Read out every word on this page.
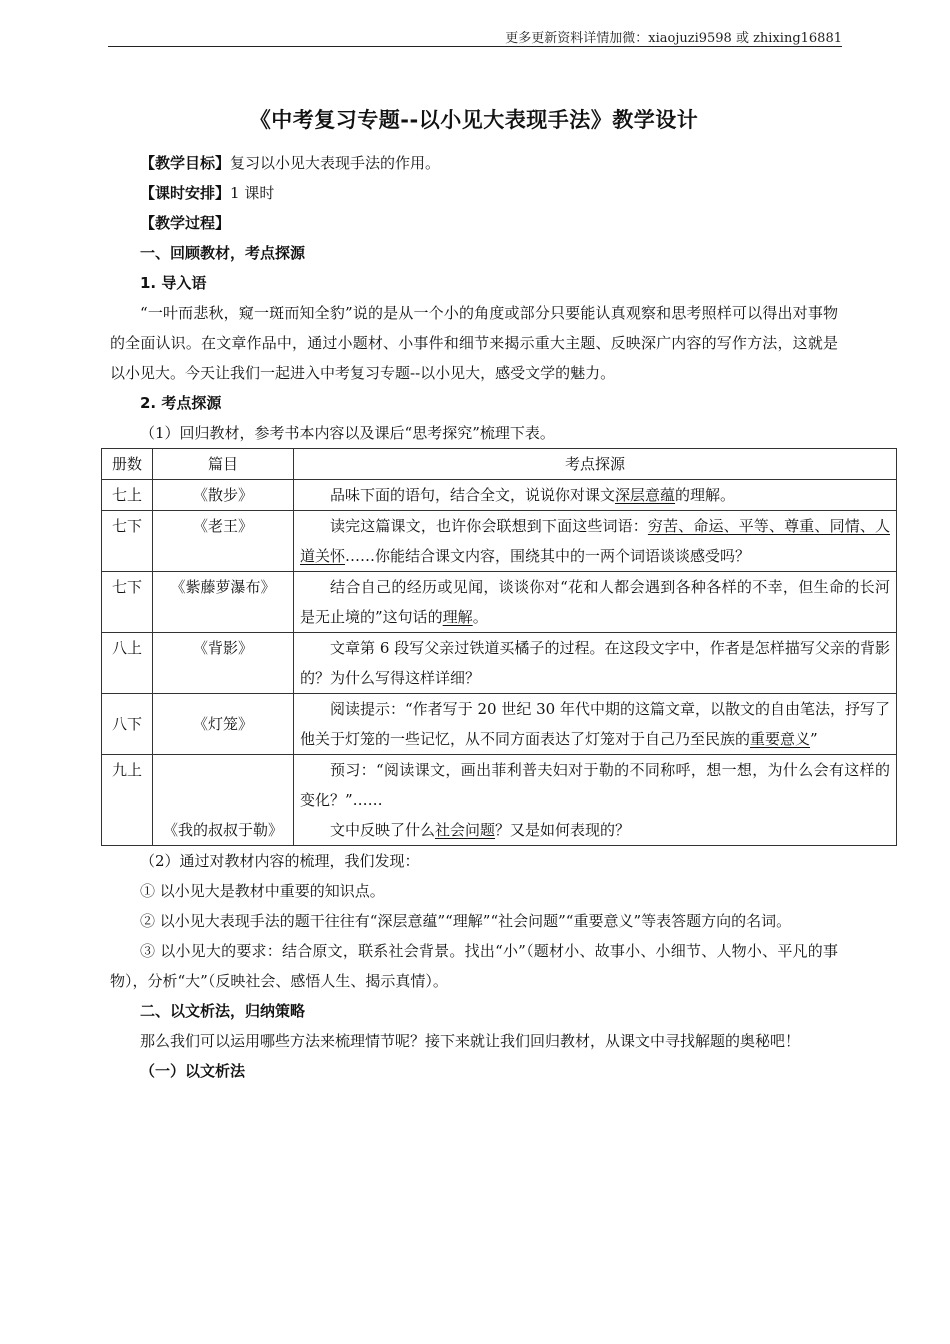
更多更新资料详情加微：xiaojuzi9598 或 zhixing16881
《中考复习专题--以小见大表现手法》教学设计

【教学目标】复习以小见大表现手法的作用。

【课时安排】1 课时

【教学过程】

一、回顾教材，考点探源

1. 导入语

“一叶而悲秋，窥一斑而知全豹”说的是从一个小的角度或部分只要能认真观察和思考照样可以得出对事物的全面认识。在文章作品中，通过小题材、小事件和细节来揭示重大主题、反映深广内容的写作方法，这就是以小见大。今天让我们一起进入中考复习专题--以小见大，感受文学的魅力。

2. 考点探源

（1）回归教材，参考书本内容以及课后“思考探究”梳理下表。

册数	篇目	考点探源
七上	《散步》	品味下面的语句，结合全文，说说你对课文深层意蕴的理解。

七下	《老王》	读完这篇课文，也许你会联想到下面这些词语：穷苦、命运、平等、尊重、同情、人道关怀……你能结合课文内容，围绕其中的一两个词语谈谈感受吗？

七下	《紫藤萝瀑布》	结合自己的经历或见闻，谈谈你对“花和人都会遇到各种各样的不幸，但生命的长河是无止境的”这句话的理解。

八上	《背影》	文章第 6 段写父亲过铁道买橘子的过程。在这段文字中，作者是怎样描写父亲的背影的？为什么写得这样详细？

八下	《灯笼》	阅读提示：“作者写于 20 世纪 30 年代中期的这篇文章，以散文的自由笔法，抒写了他关于灯笼的一些记忆，从不同方面表达了灯笼对于自己乃至民族的重要意义”

九上	《我的叔叔于勒》	预习：“阅读课文，画出菲利普夫妇对于勒的不同称呼，想一想，为什么会有这样的变化？”……

文中反映了什么社会问题？又是如何表现的？

（2）通过对教材内容的梳理，我们发现：

① 以小见大是教材中重要的知识点。

② 以小见大表现手法的题干往往有“深层意蕴”“理解”“社会问题”“重要意义”等表答题方向的名词。

③ 以小见大的要求：结合原文，联系社会背景。找出“小”（题材小、故事小、小细节、人物小、平凡的事物），分析“大”（反映社会、感悟人生、揭示真情）。

二、以文析法，归纳策略

那么我们可以运用哪些方法来梳理情节呢？接下来就让我们回归教材，从课文中寻找解题的奥秘吧！

（一）以文析法
